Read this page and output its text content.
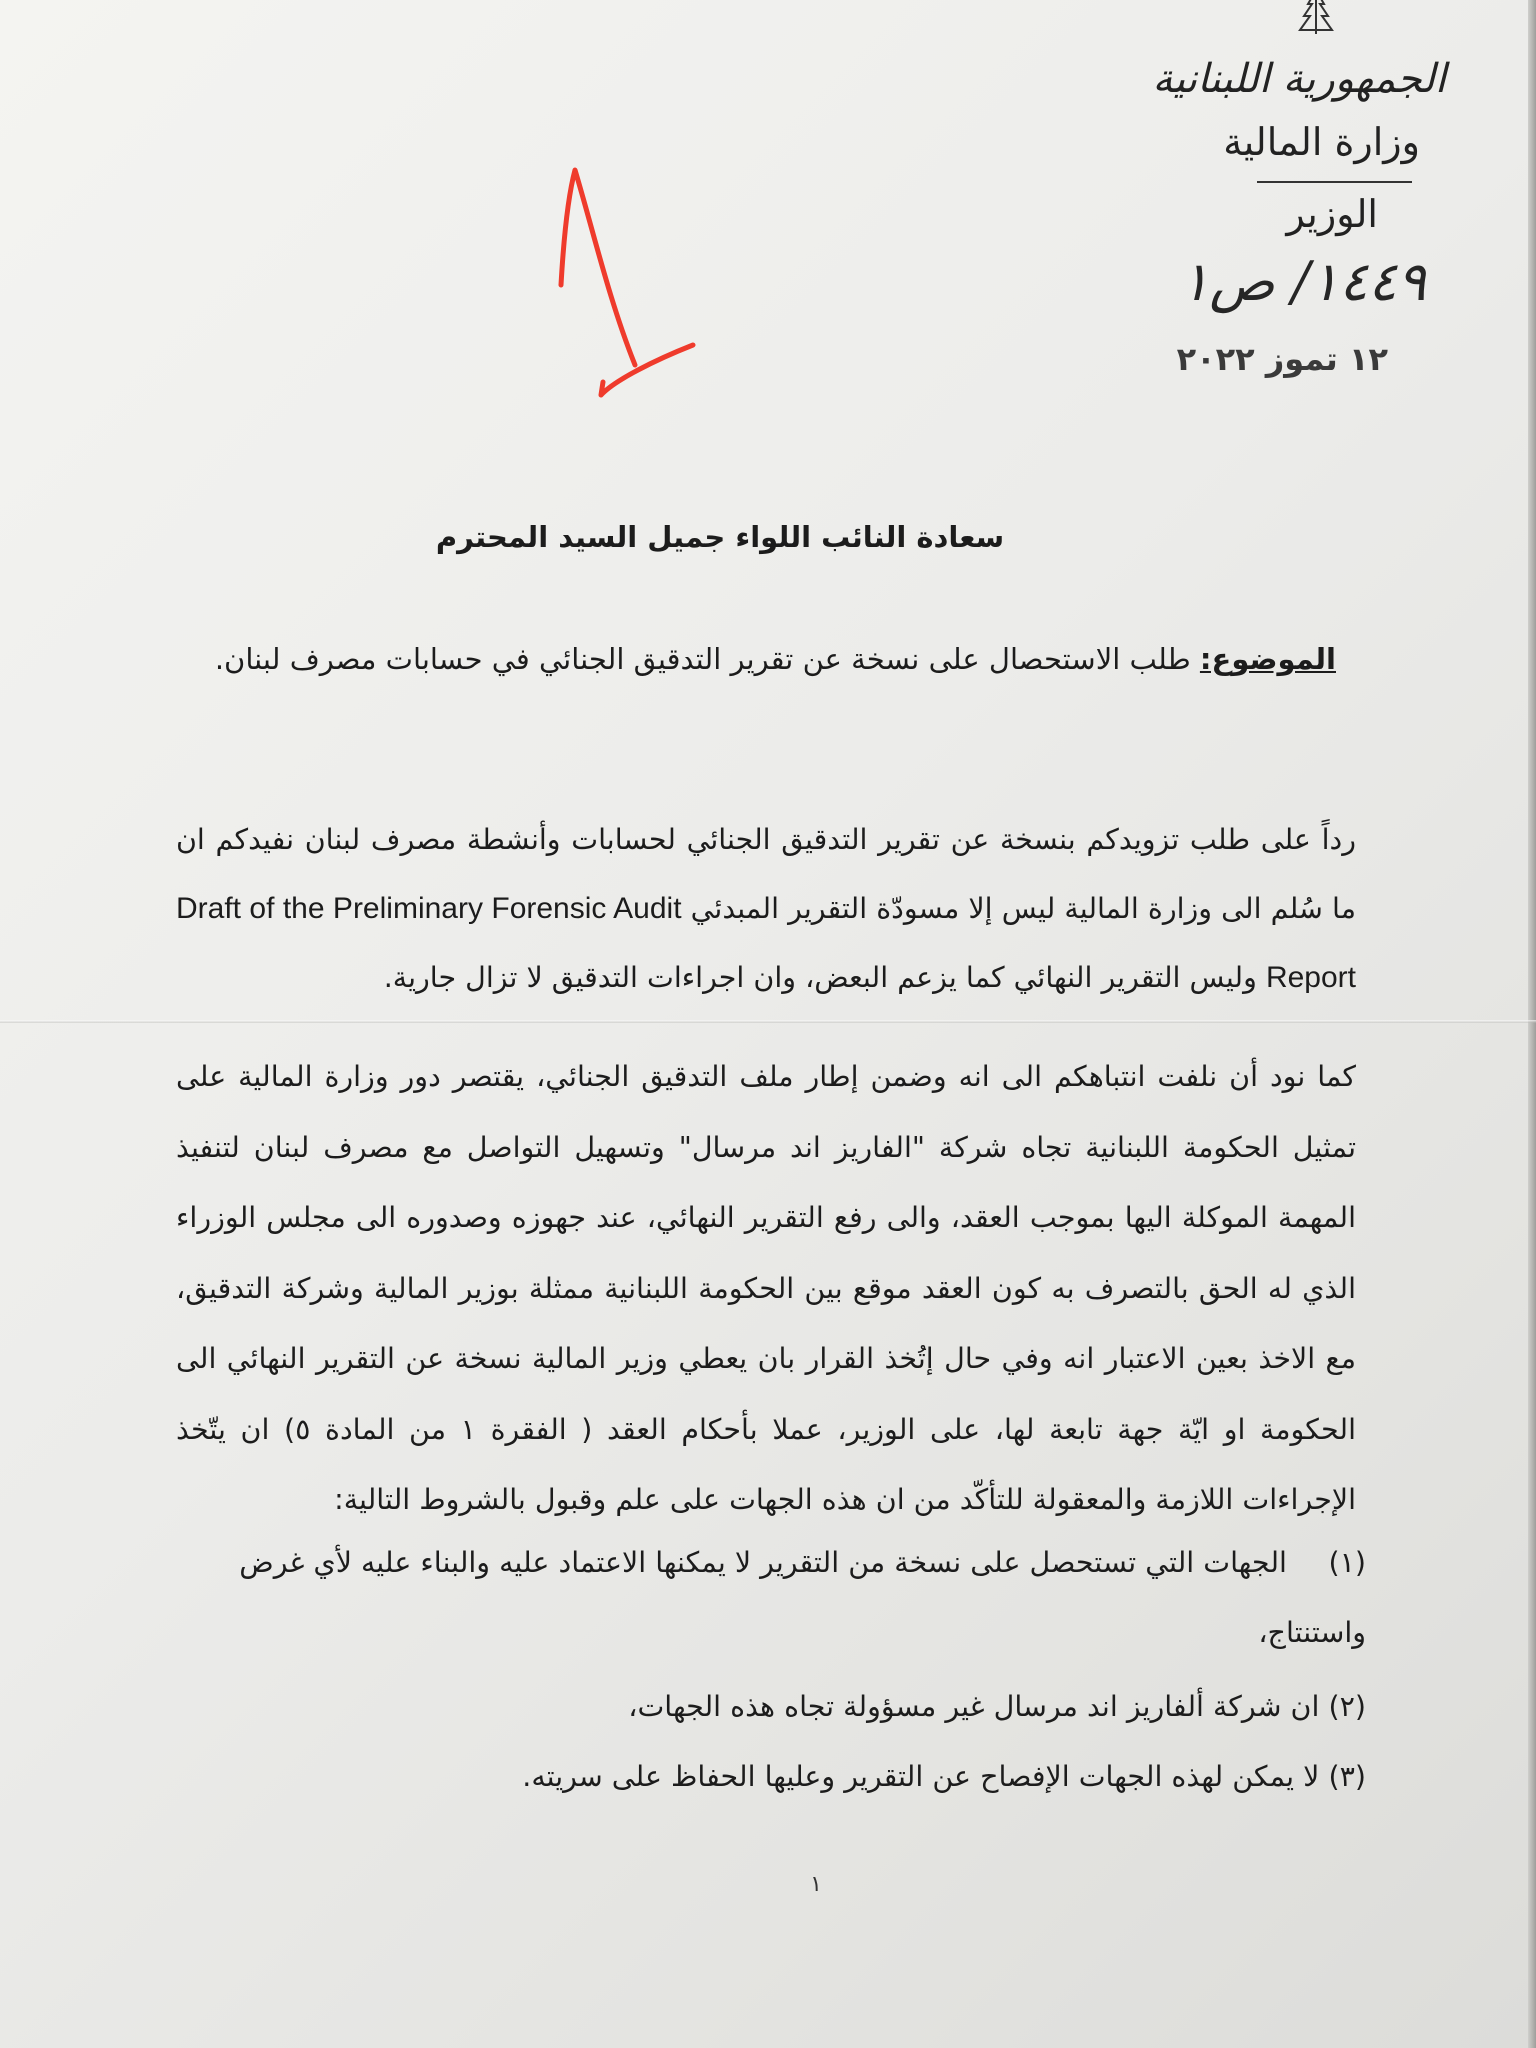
الجمهورية اللبنانية
وزارة المالية
الوزير
١٤٤٩/ ص١
١٢ تموز ٢٠٢٢
سعادة النائب اللواء جميل السيد المحترم
الموضوع: طلب الاستحصال على نسخة عن تقرير التدقيق الجنائي في حسابات مصرف لبنان.
رداً على طلب تزويدكم بنسخة عن تقرير التدقيق الجنائي لحسابات وأنشطة مصرف لبنان نفيدكم ان ما سُلم الى وزارة المالية ليس إلا مسودّة التقرير المبدئي Draft of the Preliminary Forensic Audit Report وليس التقرير النهائي كما يزعم البعض، وان اجراءات التدقيق لا تزال جارية.
كما نود أن نلفت انتباهكم الى انه وضمن إطار ملف التدقيق الجنائي، يقتصر دور وزارة المالية على تمثيل الحكومة اللبنانية تجاه شركة "الفاريز اند مرسال" وتسهيل التواصل مع مصرف لبنان لتنفيذ المهمة الموكلة اليها بموجب العقد، والى رفع التقرير النهائي، عند جهوزه وصدوره الى مجلس الوزراء الذي له الحق بالتصرف به كون العقد موقع بين الحكومة اللبنانية ممثلة بوزير المالية وشركة التدقيق، مع الاخذ بعين الاعتبار انه وفي حال إتُخذ القرار بان يعطي وزير المالية نسخة عن التقرير النهائي الى الحكومة او ايّة جهة تابعة لها، على الوزير، عملا بأحكام العقد ( الفقرة ١ من المادة ٥) ان يتّخذ الإجراءات اللازمة والمعقولة للتأكّد من ان هذه الجهات على علم وقبول بالشروط التالية:
(١) الجهات التي تستحصل على نسخة من التقرير لا يمكنها الاعتماد عليه والبناء عليه لأي غرض واستنتاج،
(٢) ان شركة ألفاريز اند مرسال غير مسؤولة تجاه هذه الجهات،
(٣) لا يمكن لهذه الجهات الإفصاح عن التقرير وعليها الحفاظ على سريته.
١
